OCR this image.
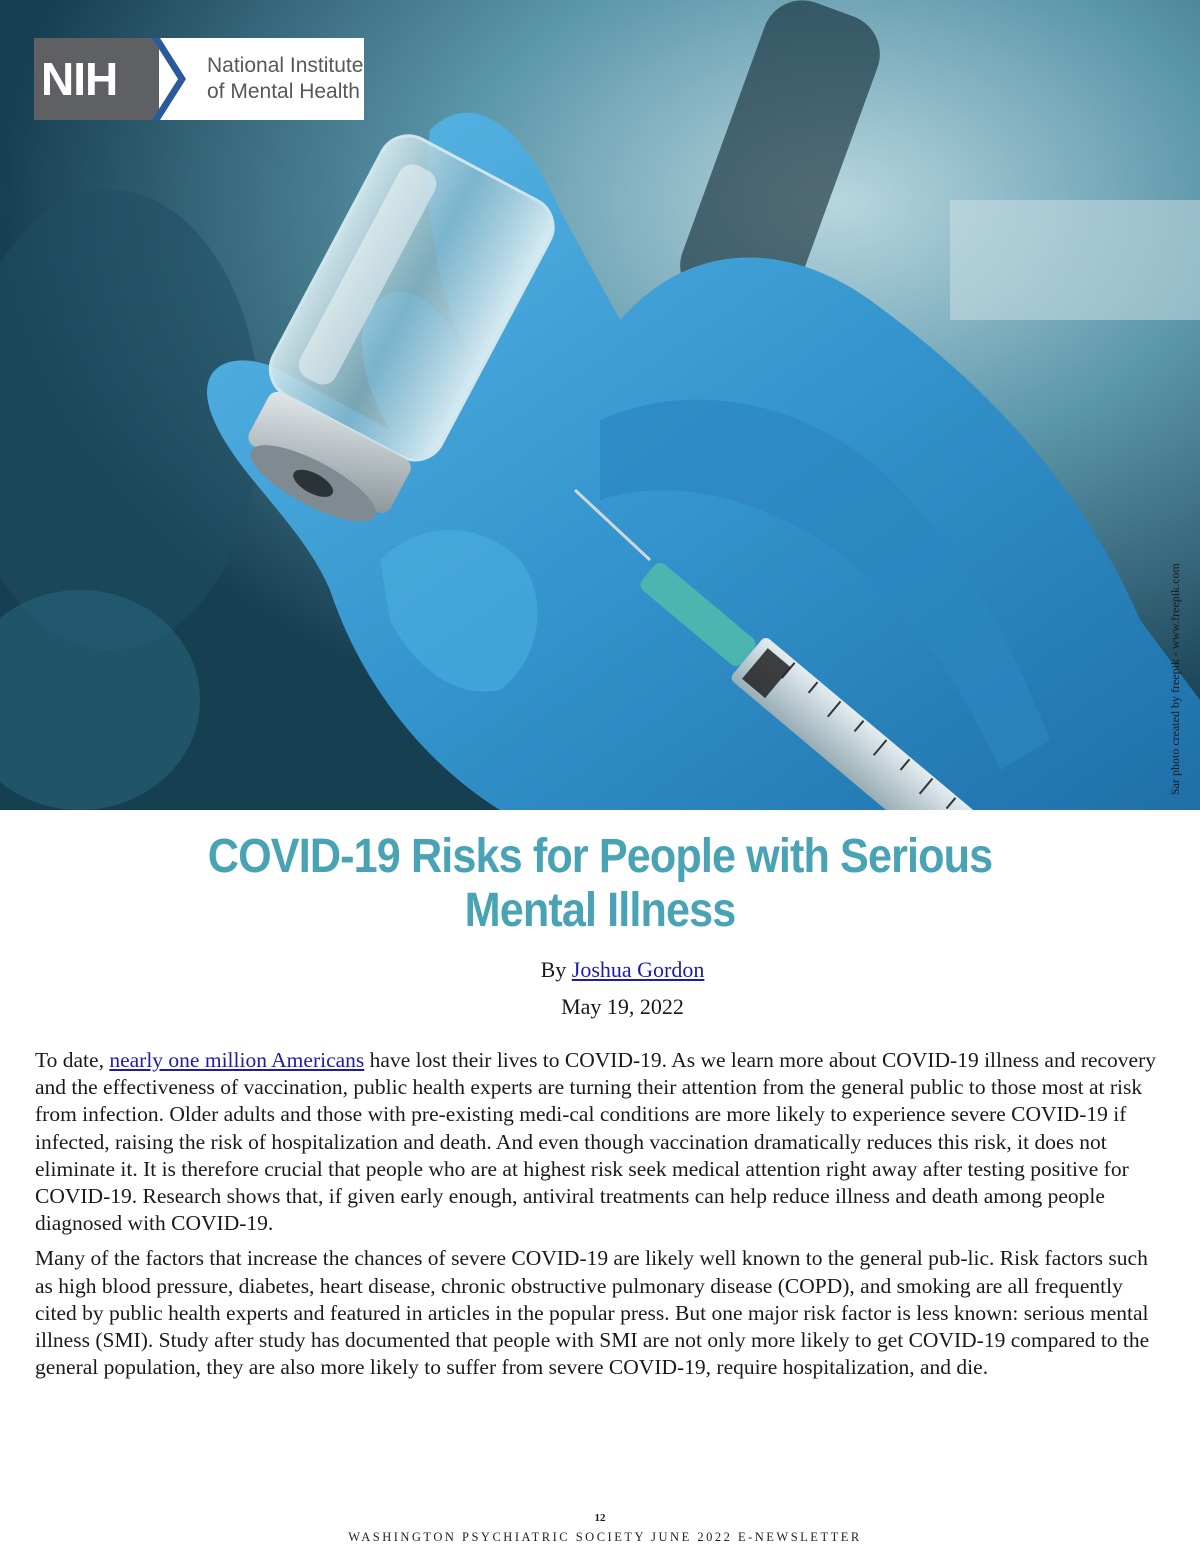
Sar photo created by freepik - www.freepik.com
NIH	National Institute
of Mental Health
COVID-19 Risks for People with Serious
Mental Illness
By Joshua Gordon
May 19, 2022

To date, nearly one million Americans have lost their lives to COVID-19. As we learn more about COVID-19 illness and recovery and the effectiveness of vaccination, public health experts are turning their attention from the general public to those most at risk from infection. Older adults and those with pre-existing medi-cal conditions are more likely to experience severe COVID-19 if infected, raising the risk of hospitalization and death. And even though vaccination dramatically reduces this risk, it does not eliminate it. It is therefore crucial that people who are at highest risk seek medical attention right away after testing positive for COVID-19. Research shows that, if given early enough, antiviral treatments can help reduce illness and death among people diagnosed with COVID-19.

Many of the factors that increase the chances of severe COVID-19 are likely well known to the general pub-lic. Risk factors such as high blood pressure, diabetes, heart disease, chronic obstructive pulmonary disease (COPD), and smoking are all frequently cited by public health experts and featured in articles in the popular press. But one major risk factor is less known: serious mental illness (SMI). Study after study has documented that people with SMI are not only more likely to get COVID-19 compared to the general population, they are also more likely to suffer from severe COVID-19, require hospitalization, and die.

12
WASHINGTON PSYCHIATRIC SOCIETY JUNE 2022 E-NEWSLETTER
